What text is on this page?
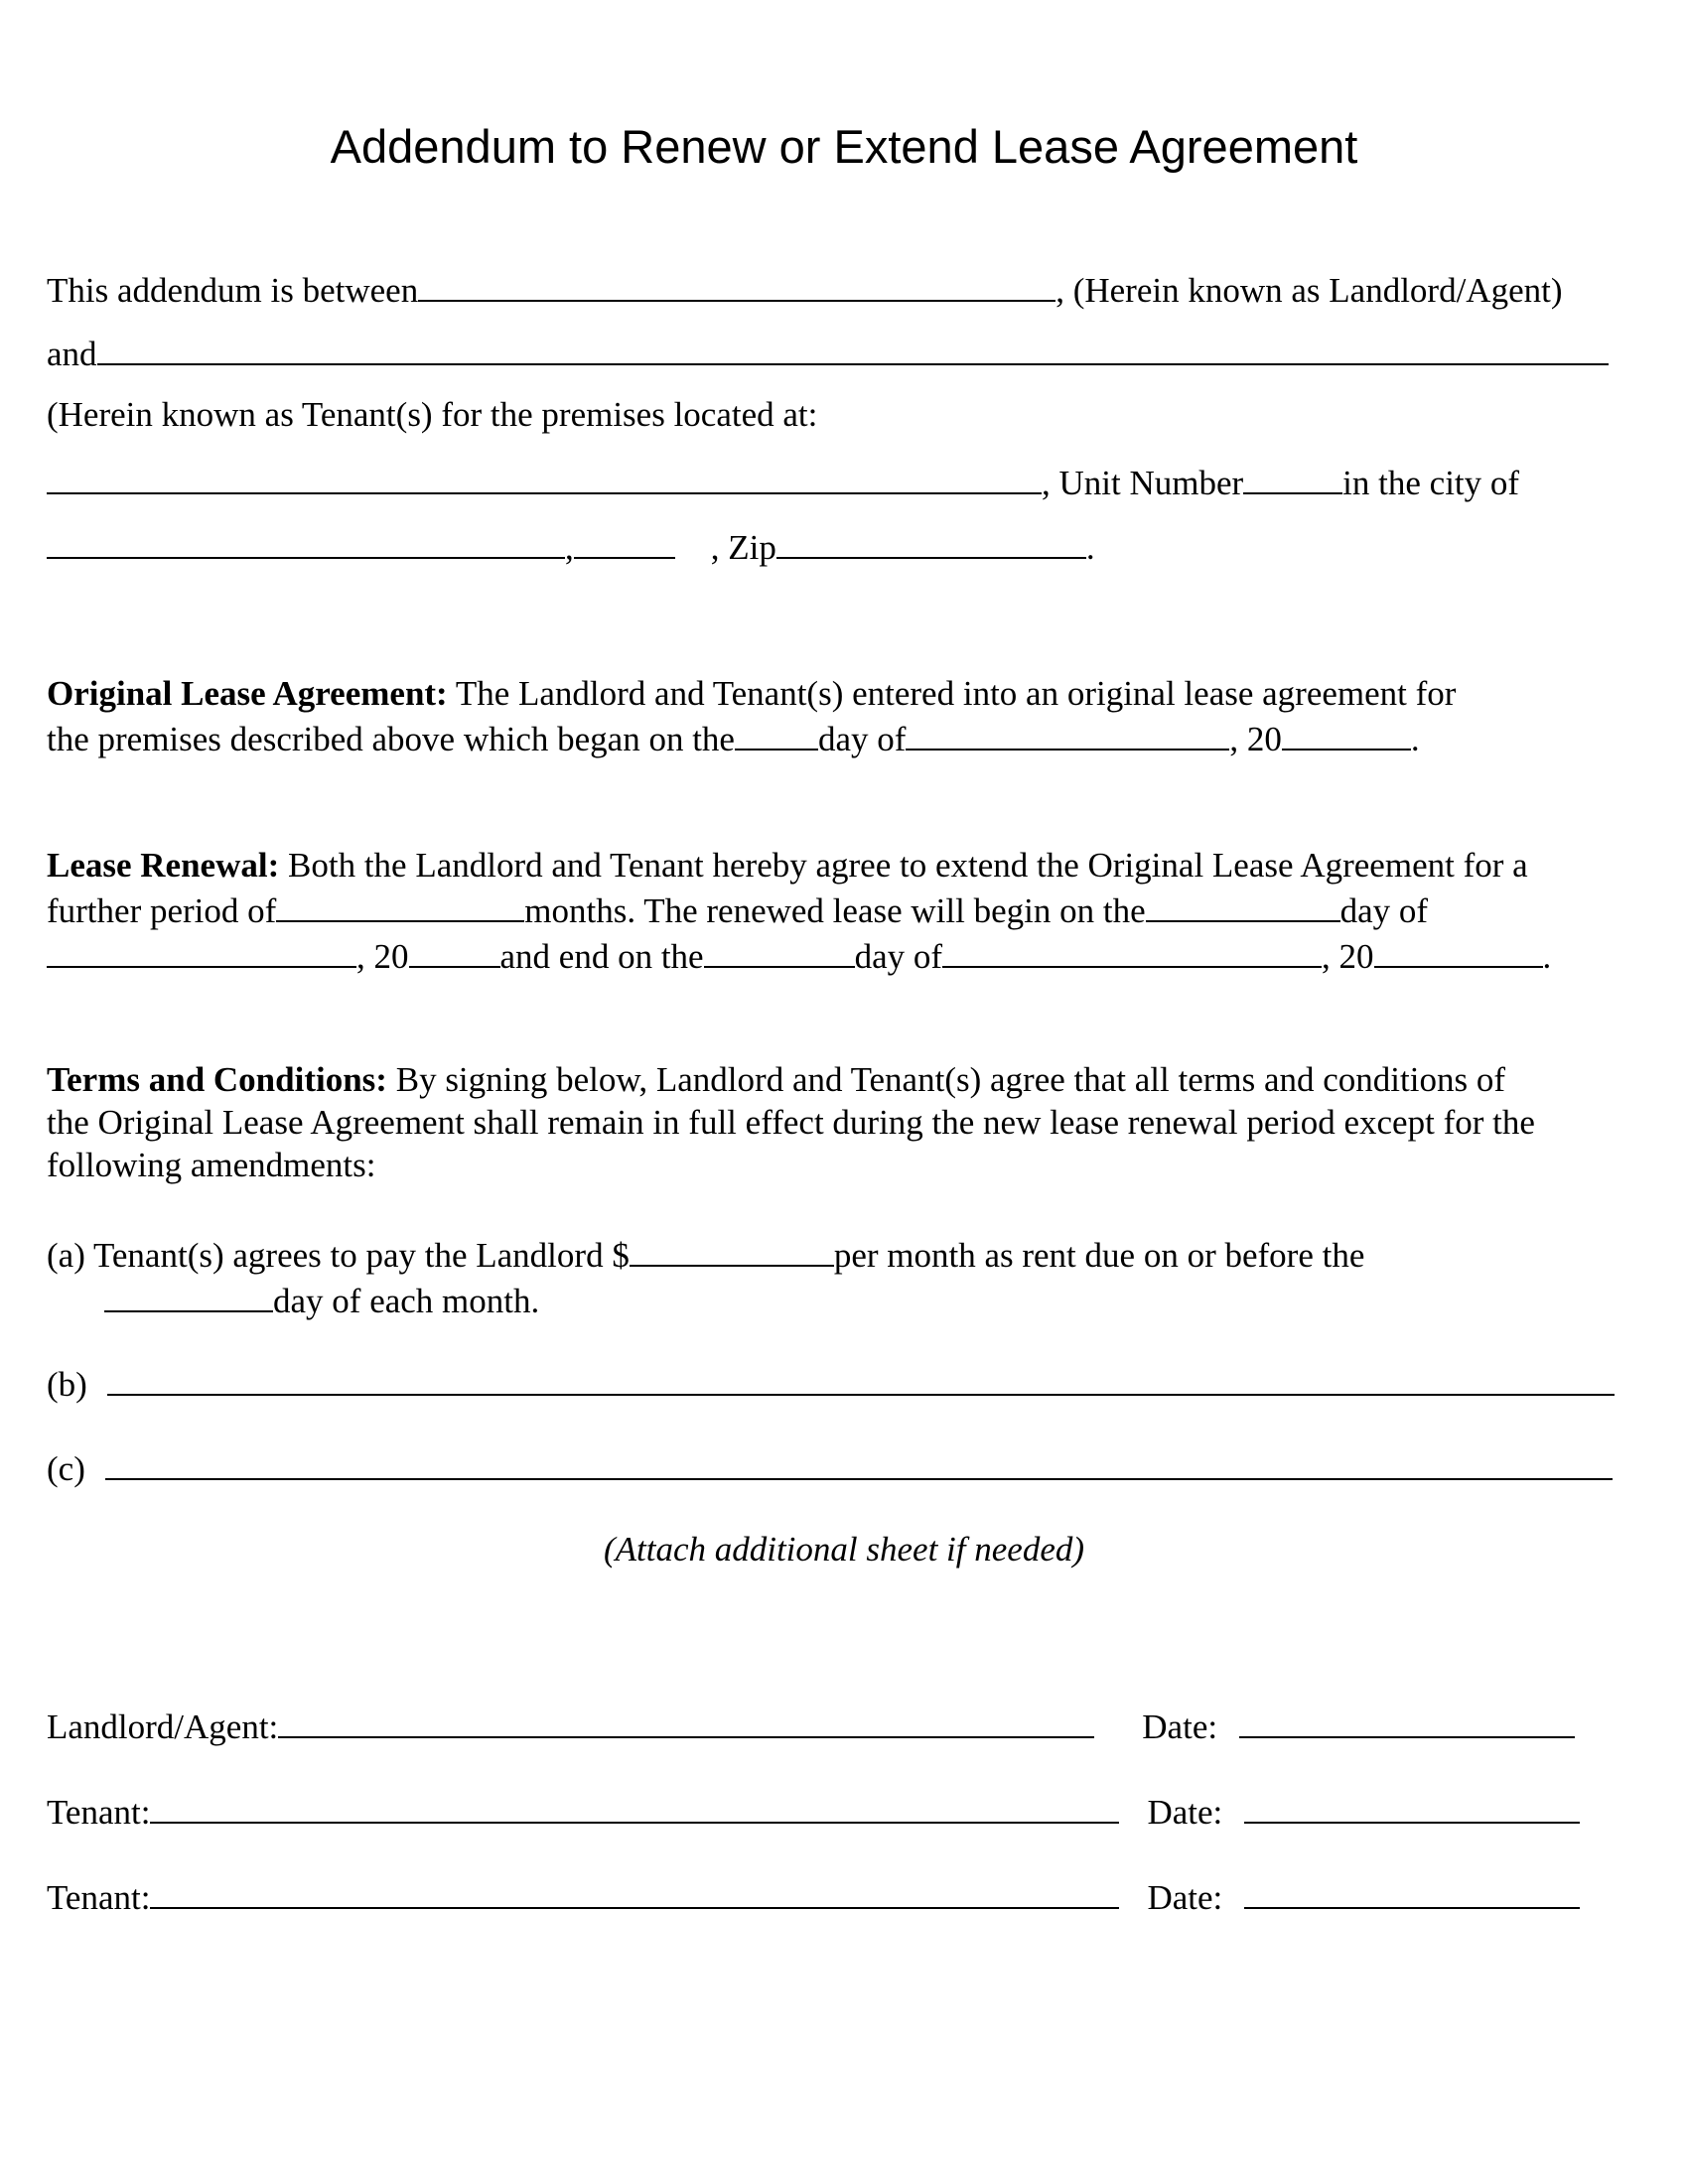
Addendum to Renew or Extend Lease Agreement
This addendum is between	, (Herein known as Landlord/Agent)
and
(Herein known as Tenant(s) for the premises located at:
, Unit Number	in the city of
,	, Zip	.
Original Lease Agreement: The Landlord and Tenant(s) entered into an original lease agreement for
the premises described above which began on the day of	, 20	.
Lease Renewal: Both the Landlord and Tenant hereby agree to extend the Original Lease Agreement for a
further period of	months. The renewed lease will begin on the	day of
, 20	and end on the	day of	, 20	.
Terms and Conditions: By signing below, Landlord and Tenant(s) agree that all terms and conditions of
the Original Lease Agreement shall remain in full effect during the new lease renewal period except for the
following amendments:
(a) Tenant(s) agrees to pay the Landlord $	per month as rent due on or before the
day of each month.
(b)
(c)
(Attach additional sheet if needed)
Landlord/Agent:	Date:
Tenant:	Date:
Tenant:	Date:
